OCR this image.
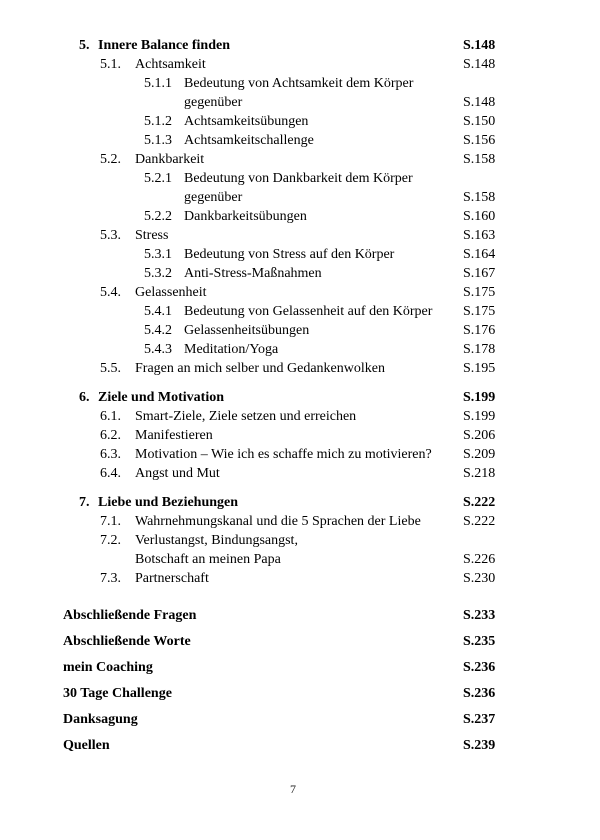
5. Innere Balance finden	S.148
5.1.	Achtsamkeit	S.148
5.1.1 Bedeutung von Achtsamkeit dem Körper
gegenüber	S.148
5.1.2 Achtsamkeitsübungen	S.150
5.1.3 Achtsamkeitschallenge	S.156
5.2.	Dankbarkeit	S.158
5.2.1 Bedeutung von Dankbarkeit dem Körper
gegenüber	S.158
5.2.2 Dankbarkeitsübungen	S.160
5.3.	Stress	S.163
5.3.1 Bedeutung von Stress auf den Körper	S.164
5.3.2 Anti-Stress-Maßnahmen	S.167
5.4.	Gelassenheit	S.175
5.4.1 Bedeutung von Gelassenheit auf den Körper	S.175
5.4.2 Gelassenheitsübungen	S.176
5.4.3 Meditation/Yoga	S.178
5.5.	Fragen an mich selber und Gedankenwolken	S.195
6. Ziele und Motivation	S.199
6.1.	Smart-Ziele, Ziele setzen und erreichen	S.199
6.2.	Manifestieren	S.206
6.3.	Motivation – Wie ich es schaffe mich zu motivieren?	S.209
6.4.	Angst und Mut	S.218
7. Liebe und Beziehungen	S.222
7.1.	Wahrnehmungskanal und die 5 Sprachen der Liebe	S.222
7.2.	Verlustangst, Bindungsangst,
Botschaft an meinen Papa	S.226
7.3.	Partnerschaft	S.230
Abschließende Fragen	S.233
Abschließende Worte	S.235
mein Coaching	S.236
30 Tage Challenge	S.236
Danksagung	S.237
Quellen	S.239
7
